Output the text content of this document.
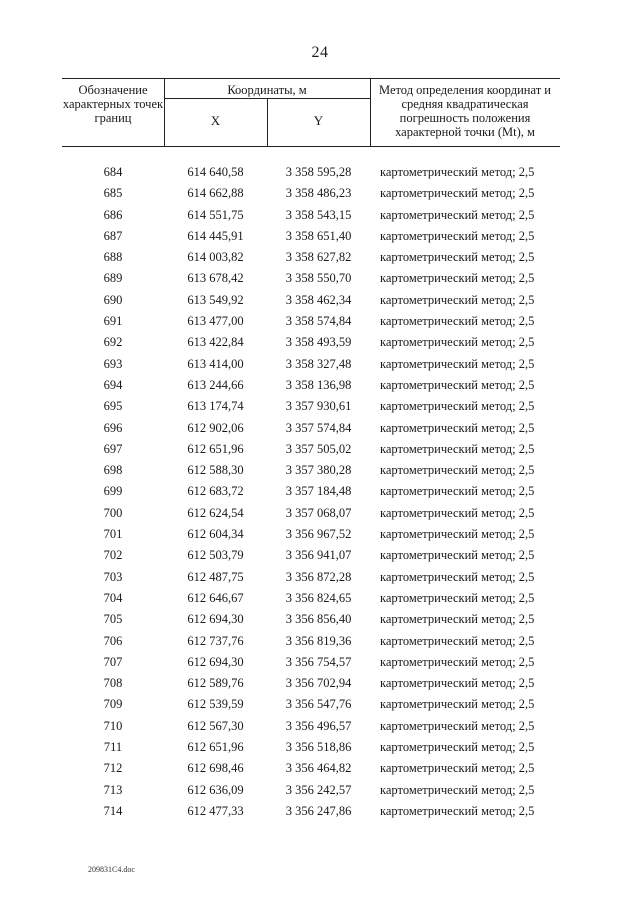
24
Обозначение характерных точек границ
Координаты, м
X	Y
Метод определения координат и средняя квадратическая погрешность положения характерной точки (Mt), м
684	614 640,58	3 358 595,28	картометрический метод; 2,5
685	614 662,88	3 358 486,23	картометрический метод; 2,5
686	614 551,75	3 358 543,15	картометрический метод; 2,5
687	614 445,91	3 358 651,40	картометрический метод; 2,5
688	614 003,82	3 358 627,82	картометрический метод; 2,5
689	613 678,42	3 358 550,70	картометрический метод; 2,5
690	613 549,92	3 358 462,34	картометрический метод; 2,5
691	613 477,00	3 358 574,84	картометрический метод; 2,5
692	613 422,84	3 358 493,59	картометрический метод; 2,5
693	613 414,00	3 358 327,48	картометрический метод; 2,5
694	613 244,66	3 358 136,98	картометрический метод; 2,5
695	613 174,74	3 357 930,61	картометрический метод; 2,5
696	612 902,06	3 357 574,84	картометрический метод; 2,5
697	612 651,96	3 357 505,02	картометрический метод; 2,5
698	612 588,30	3 357 380,28	картометрический метод; 2,5
699	612 683,72	3 357 184,48	картометрический метод; 2,5
700	612 624,54	3 357 068,07	картометрический метод; 2,5
701	612 604,34	3 356 967,52	картометрический метод; 2,5
702	612 503,79	3 356 941,07	картометрический метод; 2,5
703	612 487,75	3 356 872,28	картометрический метод; 2,5
704	612 646,67	3 356 824,65	картометрический метод; 2,5
705	612 694,30	3 356 856,40	картометрический метод; 2,5
706	612 737,76	3 356 819,36	картометрический метод; 2,5
707	612 694,30	3 356 754,57	картометрический метод; 2,5
708	612 589,76	3 356 702,94	картометрический метод; 2,5
709	612 539,59	3 356 547,76	картометрический метод; 2,5
710	612 567,30	3 356 496,57	картометрический метод; 2,5
711	612 651,96	3 356 518,86	картометрический метод; 2,5
712	612 698,46	3 356 464,82	картометрический метод; 2,5
713	612 636,09	3 356 242,57	картометрический метод; 2,5
714	612 477,33	3 356 247,86	картометрический метод; 2,5
209831С4.doc
